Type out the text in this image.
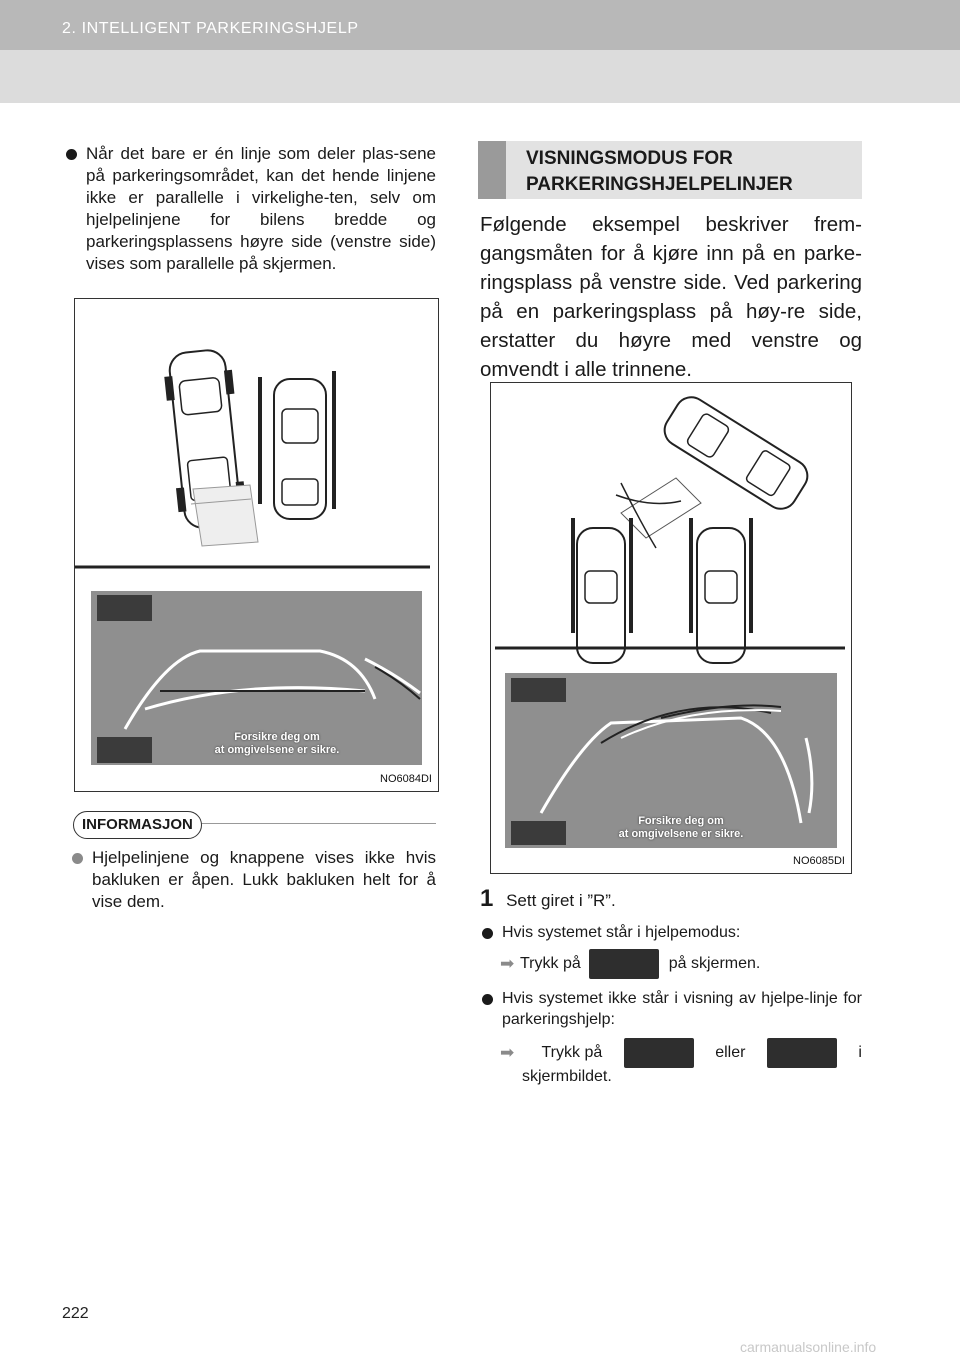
2. INTELLIGENT PARKERINGSHJELP
Når det bare er én linje som deler plas-sene på parkeringsområdet, kan det hende linjene ikke er parallelle i virkelighe-ten, selv om hjelpelinjene for bilens bredde og parkeringsplassens høyre side (venstre side) vises som parallelle på skjermen.
Forsikre deg om
at omgivelsene er sikre.
NO6084DI
INFORMASJON
Hjelpelinjene og knappene vises ikke hvis bakluken er åpen. Lukk bakluken helt for å vise dem.
VISNINGSMODUS FOR
PARKERINGSHJELPELINJER
Følgende eksempel beskriver frem-gangsmåten for å kjøre inn på en parke-ringsplass på venstre side. Ved parkering på en parkeringsplass på høy-re side, erstatter du høyre med venstre og omvendt i alle trinnene.
Forsikre deg om
at omgivelsene er sikre.
NO6085DI
1 Sett giret i ”R”.
Hvis systemet står i hjelpemodus:
➡ Trykk på	på skjermen.
Hvis systemet ikke står i visning av hjelpe-linje for parkeringshjelp:
➡	Trykk på	eller	i
skjermbildet.
222
carmanualsonline.info
